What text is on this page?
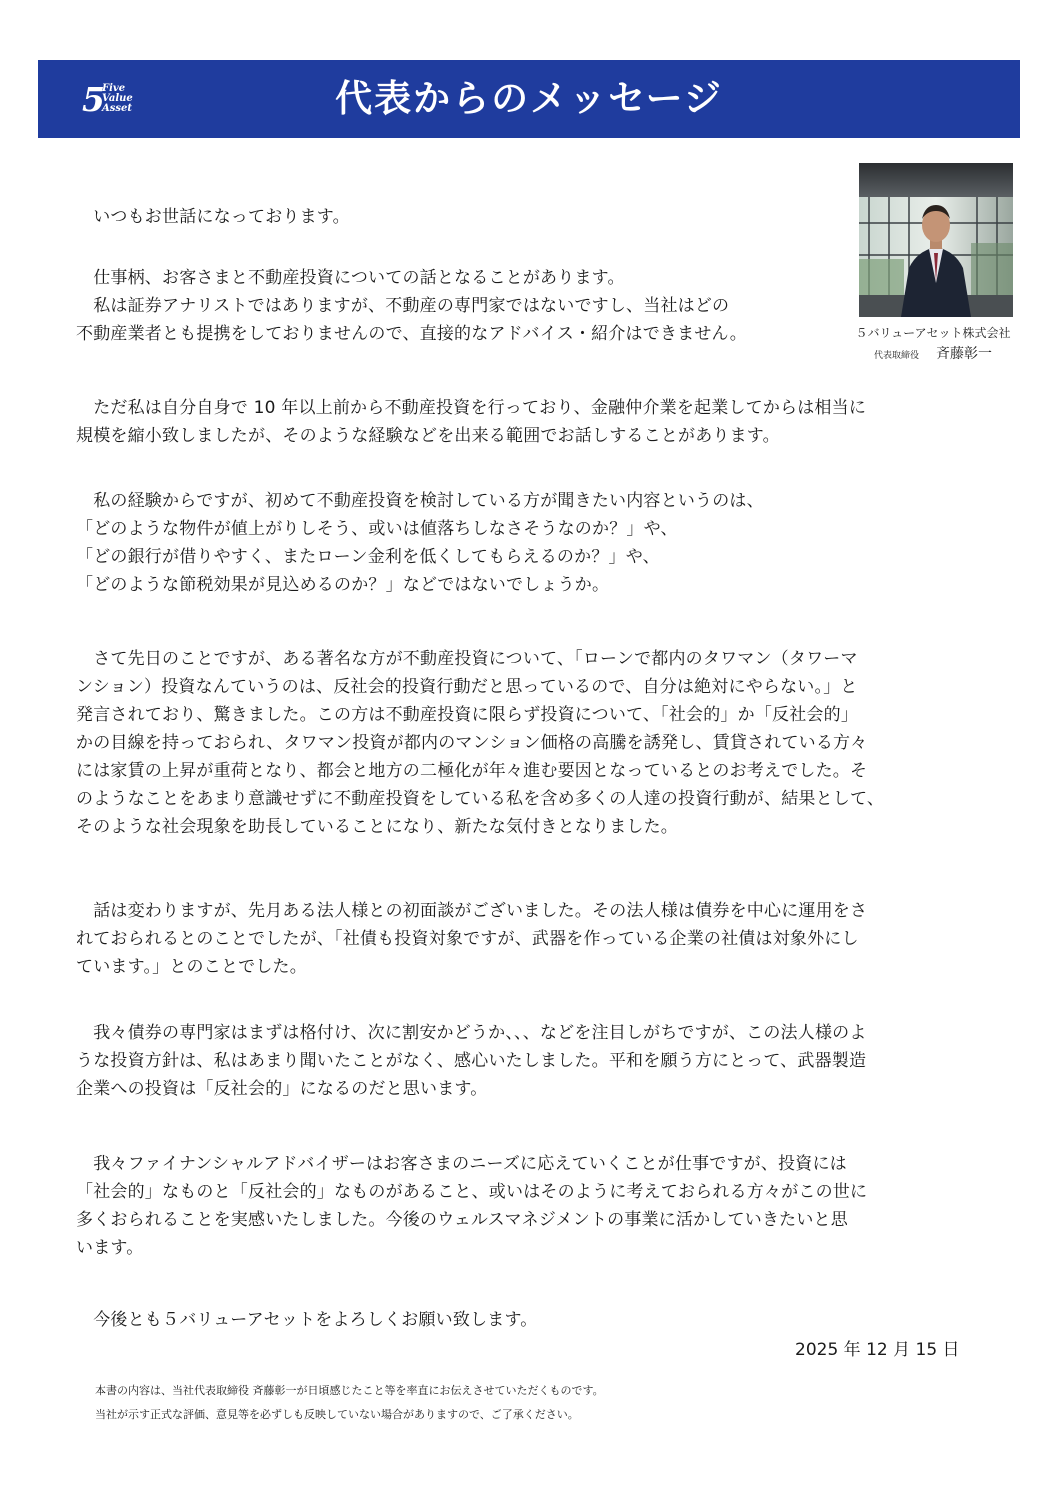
5
Five
Value
Asset	代表からのメッセージ
５バリューアセット株式会社
代表取締役 斉藤彰一
　いつもお世話になっております。
　仕事柄、お客さまと不動産投資についての話となることがあります。
　私は証券アナリストではありますが、不動産の専門家ではないですし、当社はどの
不動産業者とも提携をしておりませんので、直接的なアドバイス・紹介はできません。
　ただ私は自分自身で 10 年以上前から不動産投資を行っており、金融仲介業を起業してからは相当に
規模を縮小致しましたが、そのような経験などを出来る範囲でお話しすることがあります。
　私の経験からですが、初めて不動産投資を検討している方が聞きたい内容というのは、
「どのような物件が値上がりしそう、或いは値落ちしなさそうなのか？」や、
「どの銀行が借りやすく、またローン金利を低くしてもらえるのか？」や、
「どのような節税効果が見込めるのか？」などではないでしょうか。
　さて先日のことですが、ある著名な方が不動産投資について、「ローンで都内のタワマン（タワーマ
ンション）投資なんていうのは、反社会的投資行動だと思っているので、自分は絶対にやらない。」と
発言されており、驚きました。この方は不動産投資に限らず投資について、「社会的」か「反社会的」
かの目線を持っておられ、タワマン投資が都内のマンション価格の高騰を誘発し、賃貸されている方々
には家賃の上昇が重荷となり、都会と地方の二極化が年々進む要因となっているとのお考えでした。そ
のようなことをあまり意識せずに不動産投資をしている私を含め多くの人達の投資行動が、結果として、
そのような社会現象を助長していることになり、新たな気付きとなりました。
　話は変わりますが、先月ある法人様との初面談がございました。その法人様は債券を中心に運用をさ
れておられるとのことでしたが、「社債も投資対象ですが、武器を作っている企業の社債は対象外にし
ています。」とのことでした。
　我々債券の専門家はまずは格付け、次に割安かどうか、、、などを注目しがちですが、この法人様のよ
うな投資方針は、私はあまり聞いたことがなく、感心いたしました。平和を願う方にとって、武器製造
企業への投資は「反社会的」になるのだと思います。
　我々ファイナンシャルアドバイザーはお客さまのニーズに応えていくことが仕事ですが、投資には
「社会的」なものと「反社会的」なものがあること、或いはそのように考えておられる方々がこの世に
多くおられることを実感いたしました。今後のウェルスマネジメントの事業に活かしていきたいと思
います。
　今後とも５バリューアセットをよろしくお願い致します。
2025 年 12 月 15 日
本書の内容は、当社代表取締役 斉藤彰一が日頃感じたこと等を率直にお伝えさせていただくものです。
当社が示す正式な評価、意見等を必ずしも反映していない場合がありますので、ご了承ください。
